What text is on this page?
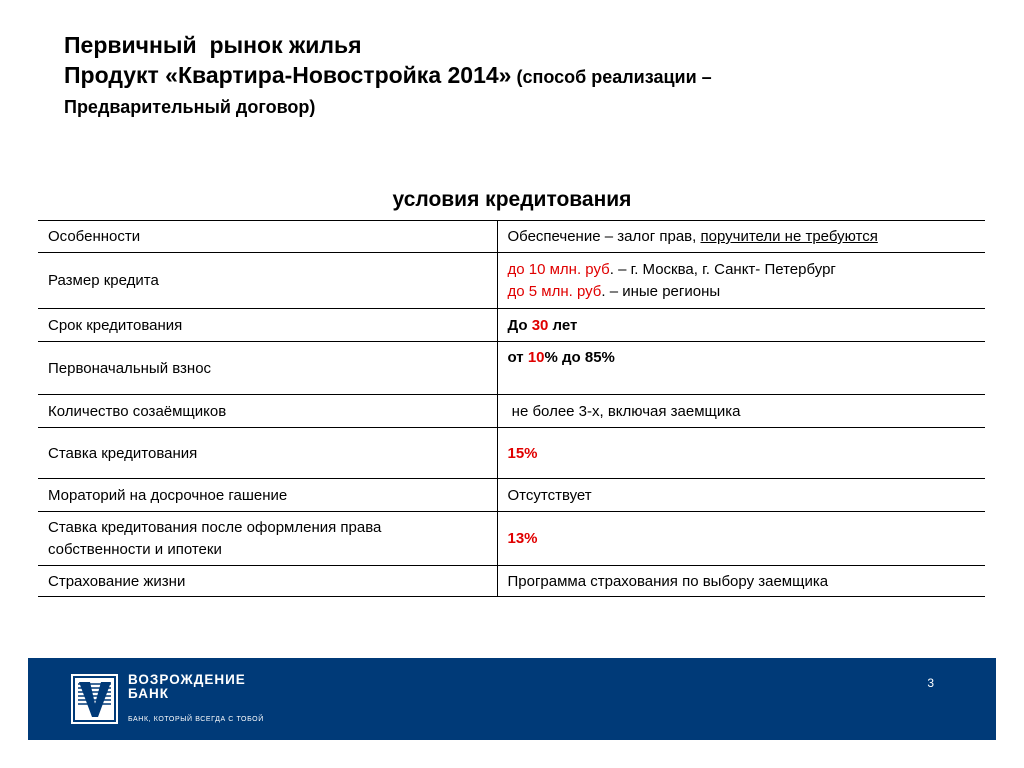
Первичный  рынок жилья
Продукт «Квартира-Новостройка 2014» (способ реализации –
Предварительный договор)
условия кредитования
Особенности	Обеспечение – залог прав, поручители не требуются
Размер кредита	до 10 млн. руб. – г. Москва, г. Санкт- Петербург
до 5 млн. руб. – иные регионы

Срок кредитования	До 30 лет
Первоначальный взнос	от 10% до 85%
Количество созаёмщиков	не более 3-х, включая заемщика
Ставка кредитования	15%
Мораторий на досрочное гашение	Отсутствует

Ставка кредитования после оформления права
собственности и ипотеки	13%
Страхование жизни	Программа страхования по выбору заемщика
ВОЗРОЖДЕНИЕ
БАНК
БАНК, КОТОРЫЙ ВСЕГДА С ТОБОЙ
3
